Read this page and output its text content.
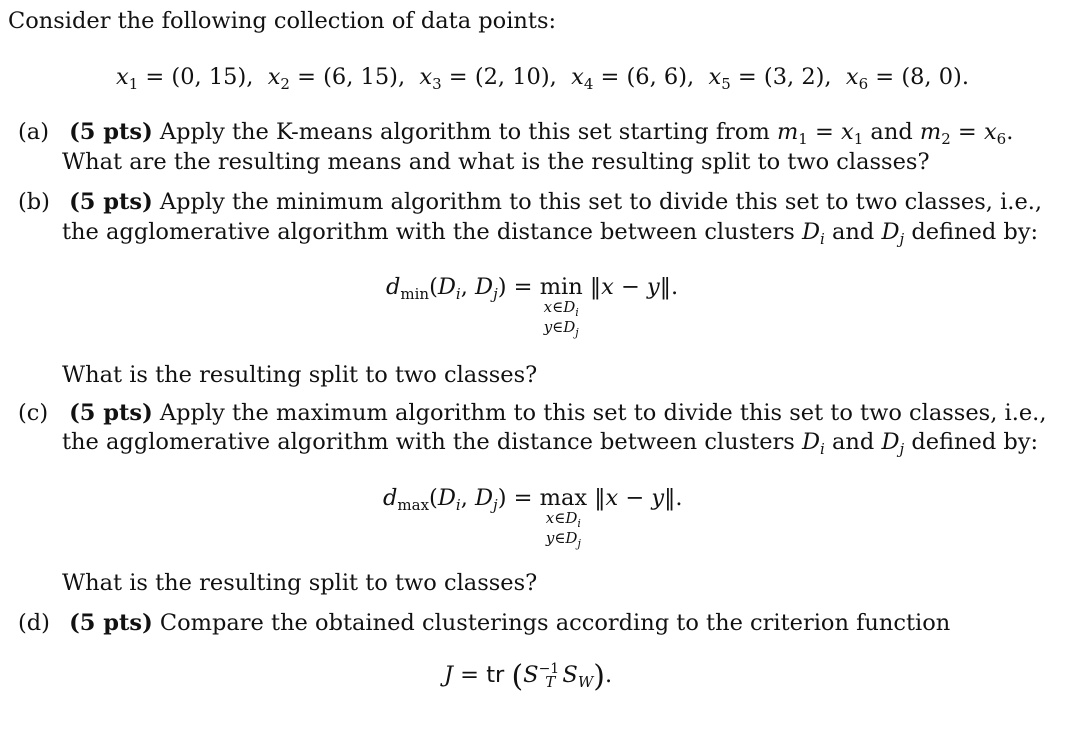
Consider the following collection of data points:
$x_1 = (0$, 15), $x_2 = (6$, 15), $x_3 = (2$, 10), $x_4 = (6$, 6), $x_5 = (3$, 2), $x_6 = (8$, 0).
(a) (5 pts) Apply the K-means algorithm to this set starting from $m_1 = x_1$ and $m_2 = x_6$.
What are the resulting means and what is the resulting split to two classes?
(b) (5 pts) Apply the minimum algorithm to this set to divide this set to two classes, i.e.,
the agglomerative algorithm with the distance between clusters $D_i$ and $D_j$ defined by:
$d_{min}(D_i$, $D_j) = \min$
$x\in D_i$
$y\in D_j$
‖x − y‖.
What is the resulting split to two classes?
(c) (5 pts) Apply the maximum algorithm to this set to divide this set to two classes, i.e.,
the agglomerative algorithm with the distance between clusters $D_i$ and $D_j$ defined by:
$d_{max}(D_i$, $D_j) = \max$
$x\in D_i$
$y\in D_j$
‖x − y‖.
What is the resulting split to two classes?
(d) (5 pts) Compare the obtained clusterings according to the criterion function
J = tr ($S^{-1}_T$ $S_W$).
